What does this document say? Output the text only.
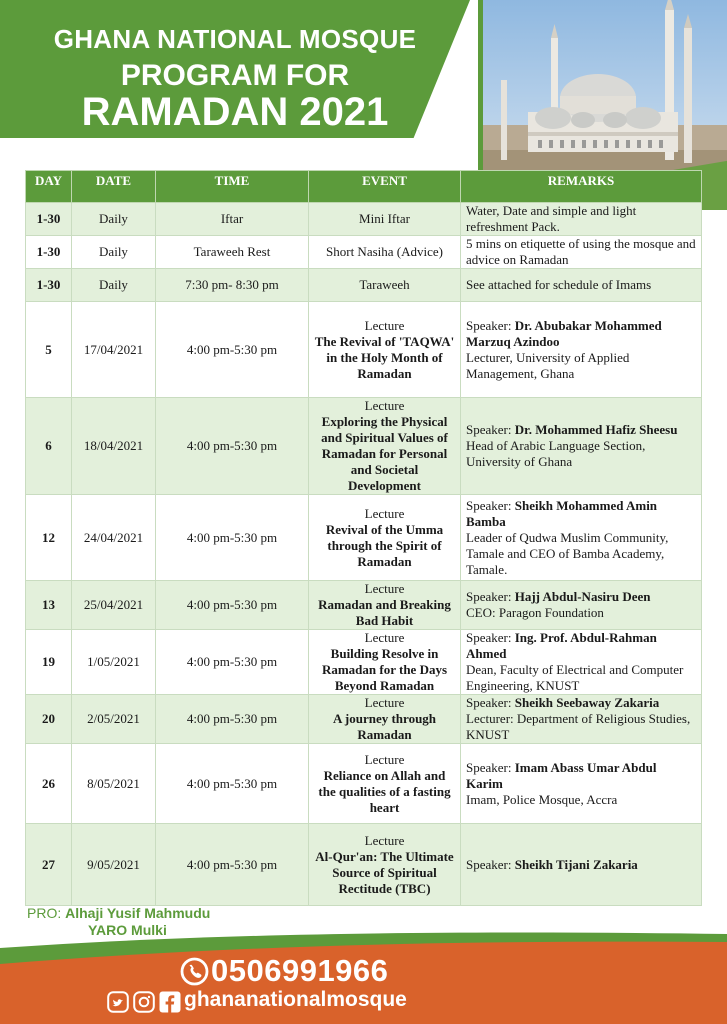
GHANA NATIONAL MOSQUE
PROGRAM FOR
RAMADAN 2021
DAY	DATE	TIME	EVENT	REMARKS
1-30	Daily	Iftar	Mini Iftar	Water, Date and simple and light refreshment Pack.

1-30	Daily	Taraweeh Rest	Short Nasiha (Advice)	5 mins on etiquette of using the mosque and advice on Ramadan

1-30	Daily	7:30 pm- 8:30 pm	Taraweeh	See attached for schedule of Imams

5	17/04/2021	4:00 pm-5:30 pm	Lecture
The Revival of 'TAQWA' in the Holy Month of Ramadan	Speaker: Dr. Abubakar Mohammed Marzuq Azindoo
Lecturer, University of Applied Management, Ghana

6	18/04/2021	4:00 pm-5:30 pm	Lecture
Exploring the Physical and Spiritual Values of Ramadan for Personal and Societal Development	Speaker: Dr. Mohammed Hafiz Sheesu
Head of Arabic Language Section, University of Ghana

12	24/04/2021	4:00 pm-5:30 pm	Lecture
Revival of the Umma through the Spirit of Ramadan	Speaker: Sheikh Mohammed Amin Bamba
Leader of Qudwa Muslim Community, Tamale and CEO of Bamba Academy, Tamale.

13	25/04/2021	4:00 pm-5:30 pm	Lecture
Ramadan and Breaking Bad Habit	Speaker: Hajj Abdul-Nasiru Deen
CEO: Paragon Foundation

19	1/05/2021	4:00 pm-5:30 pm	Lecture
Building Resolve in Ramadan for the Days Beyond Ramadan	Speaker: Ing. Prof. Abdul-Rahman Ahmed
Dean, Faculty of Electrical and Computer Engineering, KNUST

20	2/05/2021	4:00 pm-5:30 pm	Lecture
A journey through Ramadan	Speaker: Sheikh Seebaway Zakaria
Lecturer: Department of Religious Studies, KNUST

26	8/05/2021	4:00 pm-5:30 pm	Lecture
Reliance on Allah and the qualities of a fasting heart	Speaker: Imam Abass Umar Abdul Karim
Imam, Police Mosque, Accra

27	9/05/2021	4:00 pm-5:30 pm	Lecture
Al-Qur'an: The Ultimate Source of Spiritual Rectitude (TBC)	Speaker: Sheikh Tijani Zakaria
PRO: Alhaji Yusif Mahmudu
YARO Mulki
0506991966
ghananationalmosque
